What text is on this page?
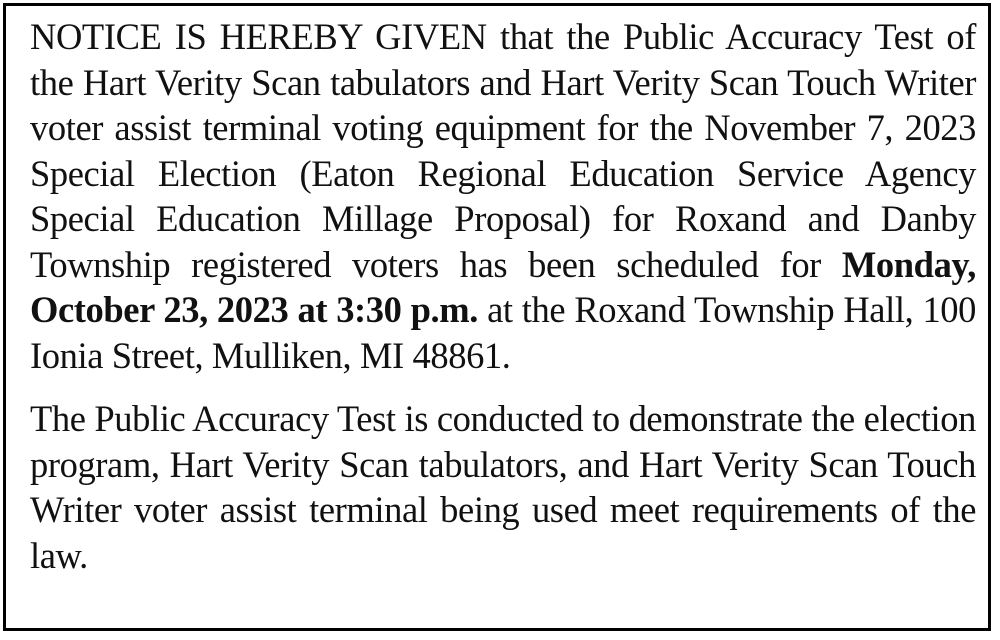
NOTICE IS HEREBY GIVEN that the Public Accuracy Test of the Hart Verity Scan tabulators and Hart Verity Scan Touch Writer voter assist terminal voting equipment for the November 7, 2023 Special Election (Eaton Regional Education Service Agency Special Education Millage Proposal) for Roxand and Danby Township registered voters has been scheduled for Monday, October 23, 2023 at 3:30 p.m. at the Roxand Township Hall, 100 Ionia Street, Mulliken, MI 48861.

The Public Accuracy Test is conducted to demonstrate the election program, Hart Verity Scan tabulators, and Hart Verity Scan Touch Writer voter assist terminal being used meet requirements of the law.
